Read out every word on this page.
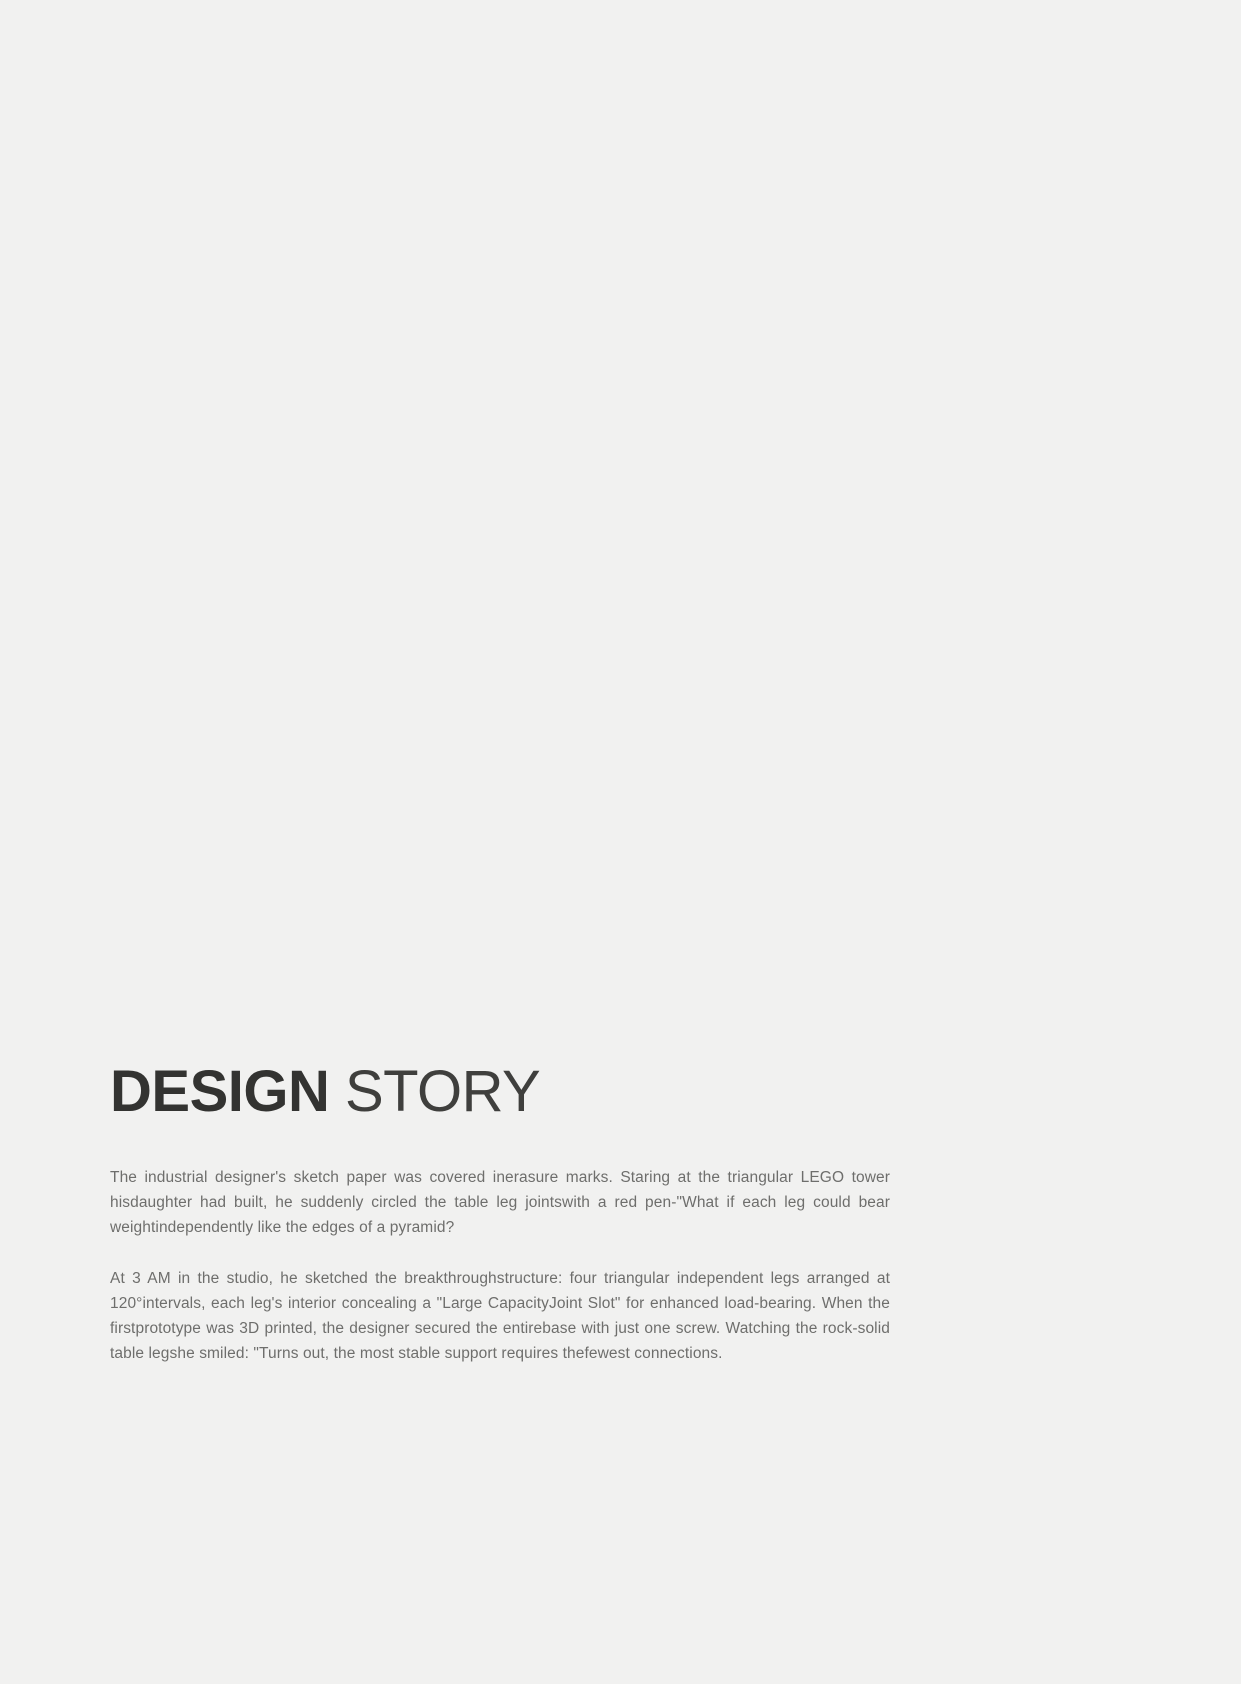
DESIGN STORY

The industrial designer's sketch paper was covered inerasure marks. Staring at the triangular LEGO tower hisdaughter had built, he suddenly circled the table leg jointswith a red pen-"What if each leg could bear weightindependently like the edges of a pyramid?

At 3 AM in the studio, he sketched the breakthroughstructure: four triangular independent legs arranged at 120°intervals, each leg's interior concealing a "Large CapacityJoint Slot" for enhanced load-bearing. When the firstprototype was 3D printed, the designer secured the entirebase with just one screw. Watching the rock-solid table legshe smiled: "Turns out, the most stable support requires thefewest connections.
